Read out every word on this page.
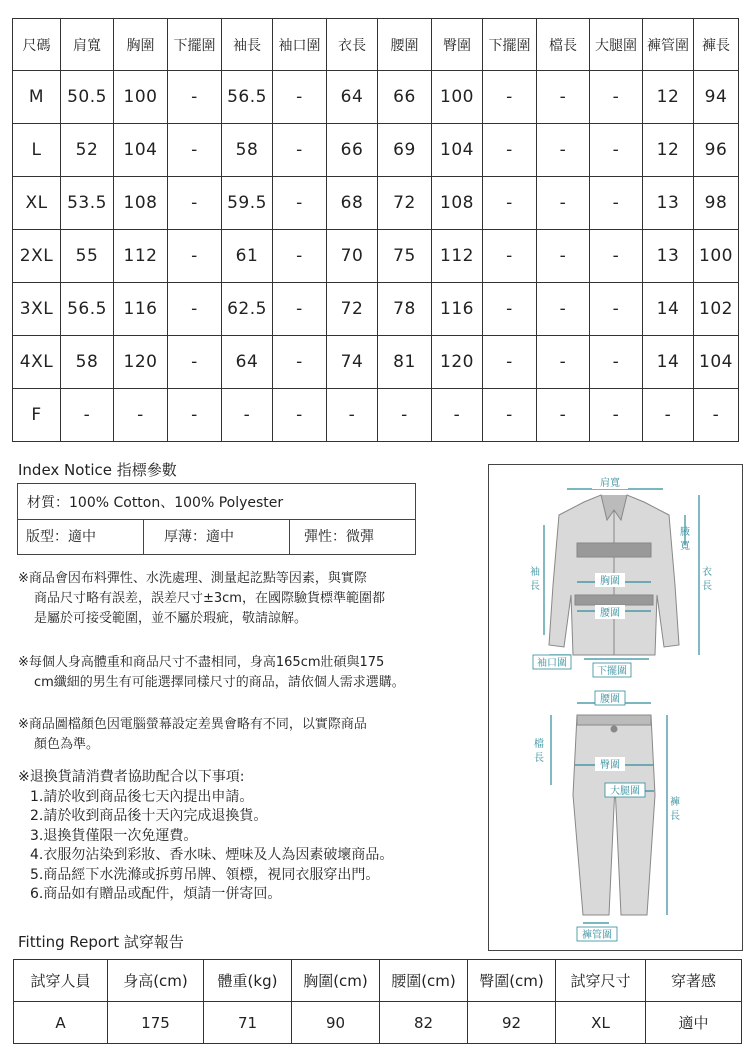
尺碼	肩寬	胸圍	下擺圍	袖長	袖口圍	衣長	腰圍	臀圍	下擺圍	檔長	大腿圍	褲管圍	褲長
M	50.5	100	-	56.5	-	64	66	100	-	-	-	12	94
L	52	104	-	58	-	66	69	104	-	-	-	12	96
XL	53.5	108	-	59.5	-	68	72	108	-	-	-	13	98
2XL	55	112	-	61	-	70	75	112	-	-	-	13	100
3XL	56.5	116	-	62.5	-	72	78	116	-	-	-	14	102
4XL	58	120	-	64	-	74	81	120	-	-	-	14	104
F	-	-	-	-	-	-	-	-	-	-	-	-	-
Index Notice 指標參數
材質：100% Cotton、100% Polyester
版型：適中	厚薄：適中	彈性：微彈
※商品會因布料彈性、水洗處理、測量起訖點等因素，與實際
商品尺寸略有誤差，誤差尺寸±3cm，在國際驗貨標準範圍都
是屬於可接受範圍，並不屬於瑕疵，敬請諒解。
※每個人身高體重和商品尺寸不盡相同，身高165cm壯碩與175
cm纖細的男生有可能選擇同樣尺寸的商品，請依個人需求選購。
※商品圖檔顏色因電腦螢幕設定差異會略有不同，以實際商品
顏色為準。
※退換貨請消費者協助配合以下事項:
1.請於收到商品後七天內提出申請。
2.請於收到商品後十天內完成退換貨。
3.退換貨僅限一次免運費。
4.衣服勿沾染到彩妝、香水味、煙味及人為因素破壞商品。
5.商品經下水洗滌或拆剪吊牌、領標，視同衣服穿出門。
6.商品如有贈品或配件，煩請一併寄回。
肩寬
腋
寬
衣
長
袖
長	胸圍
腰圍
袖口圍
下擺圍
腰圍
檔
長
臀圍
大腿圍
褲
長
褲管圍
Fitting Report 試穿報告
試穿人員	身高(cm)	體重(kg)	胸圍(cm)	腰圍(cm)	臀圍(cm)	試穿尺寸	穿著感
A	175	71	90	82	92	XL	適中
